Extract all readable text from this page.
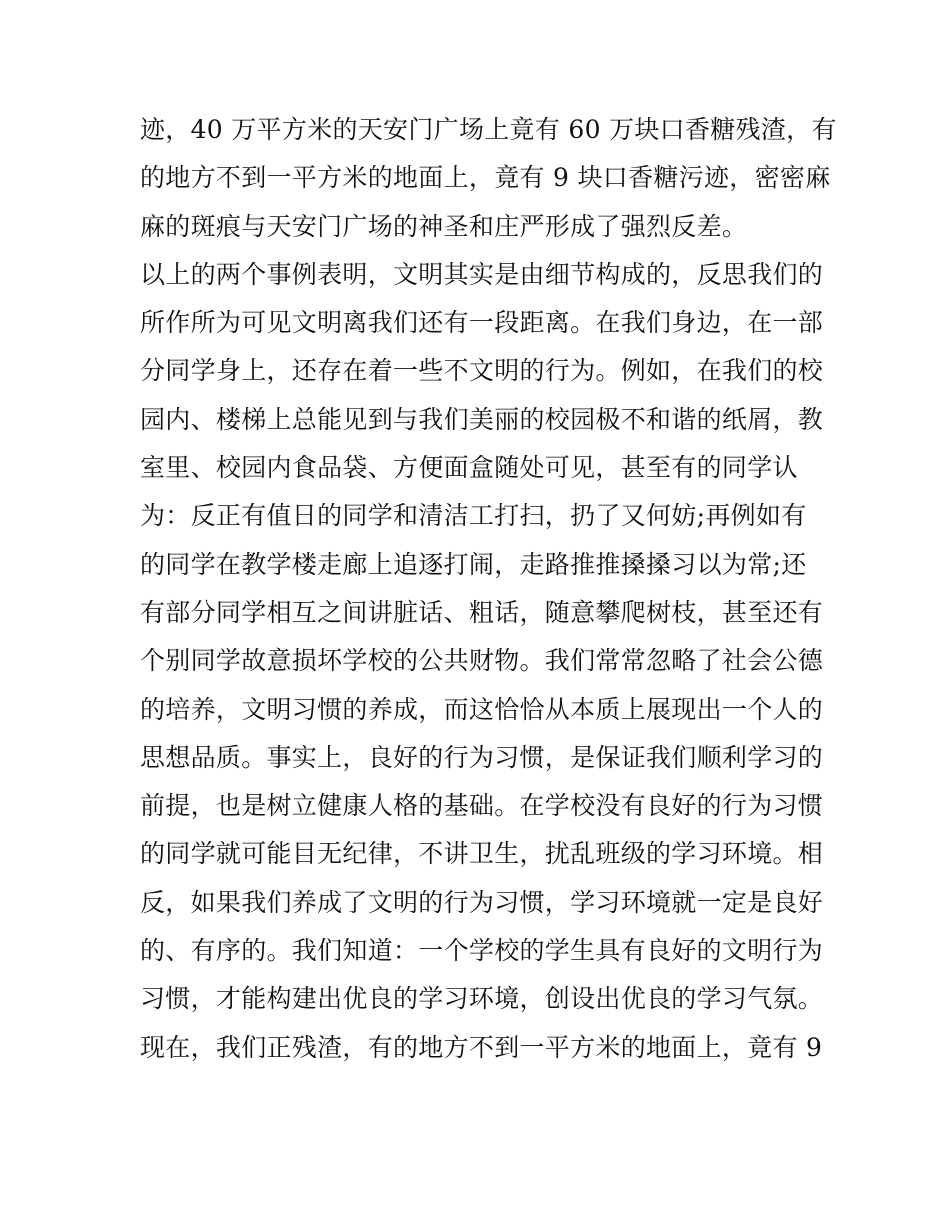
迹，40 万平方米的天安门广场上竟有 60 万块口香糖残渣，有
的地方不到一平方米的地面上，竟有 9 块口香糖污迹，密密麻
麻的斑痕与天安门广场的神圣和庄严形成了强烈反差。
以上的两个事例表明，文明其实是由细节构成的，反思我们的
所作所为可见文明离我们还有一段距离。在我们身边，在一部
分同学身上，还存在着一些不文明的行为。例如，在我们的校
园内、楼梯上总能见到与我们美丽的校园极不和谐的纸屑，教
室里、校园内食品袋、方便面盒随处可见，甚至有的同学认
为：反正有值日的同学和清洁工打扫，扔了又何妨;再例如有
的同学在教学楼走廊上追逐打闹，走路推推搡搡习以为常;还
有部分同学相互之间讲脏话、粗话，随意攀爬树枝，甚至还有
个别同学故意损坏学校的公共财物。我们常常忽略了社会公德
的培养，文明习惯的养成，而这恰恰从本质上展现出一个人的
思想品质。事实上，良好的行为习惯，是保证我们顺利学习的
前提，也是树立健康人格的基础。在学校没有良好的行为习惯
的同学就可能目无纪律，不讲卫生，扰乱班级的学习环境。相
反，如果我们养成了文明的行为习惯，学习环境就一定是良好
的、有序的。我们知道：一个学校的学生具有良好的文明行为
习惯，才能构建出优良的学习环境，创设出优良的学习气氛。
现在，我们正残渣，有的地方不到一平方米的地面上，竟有 9
